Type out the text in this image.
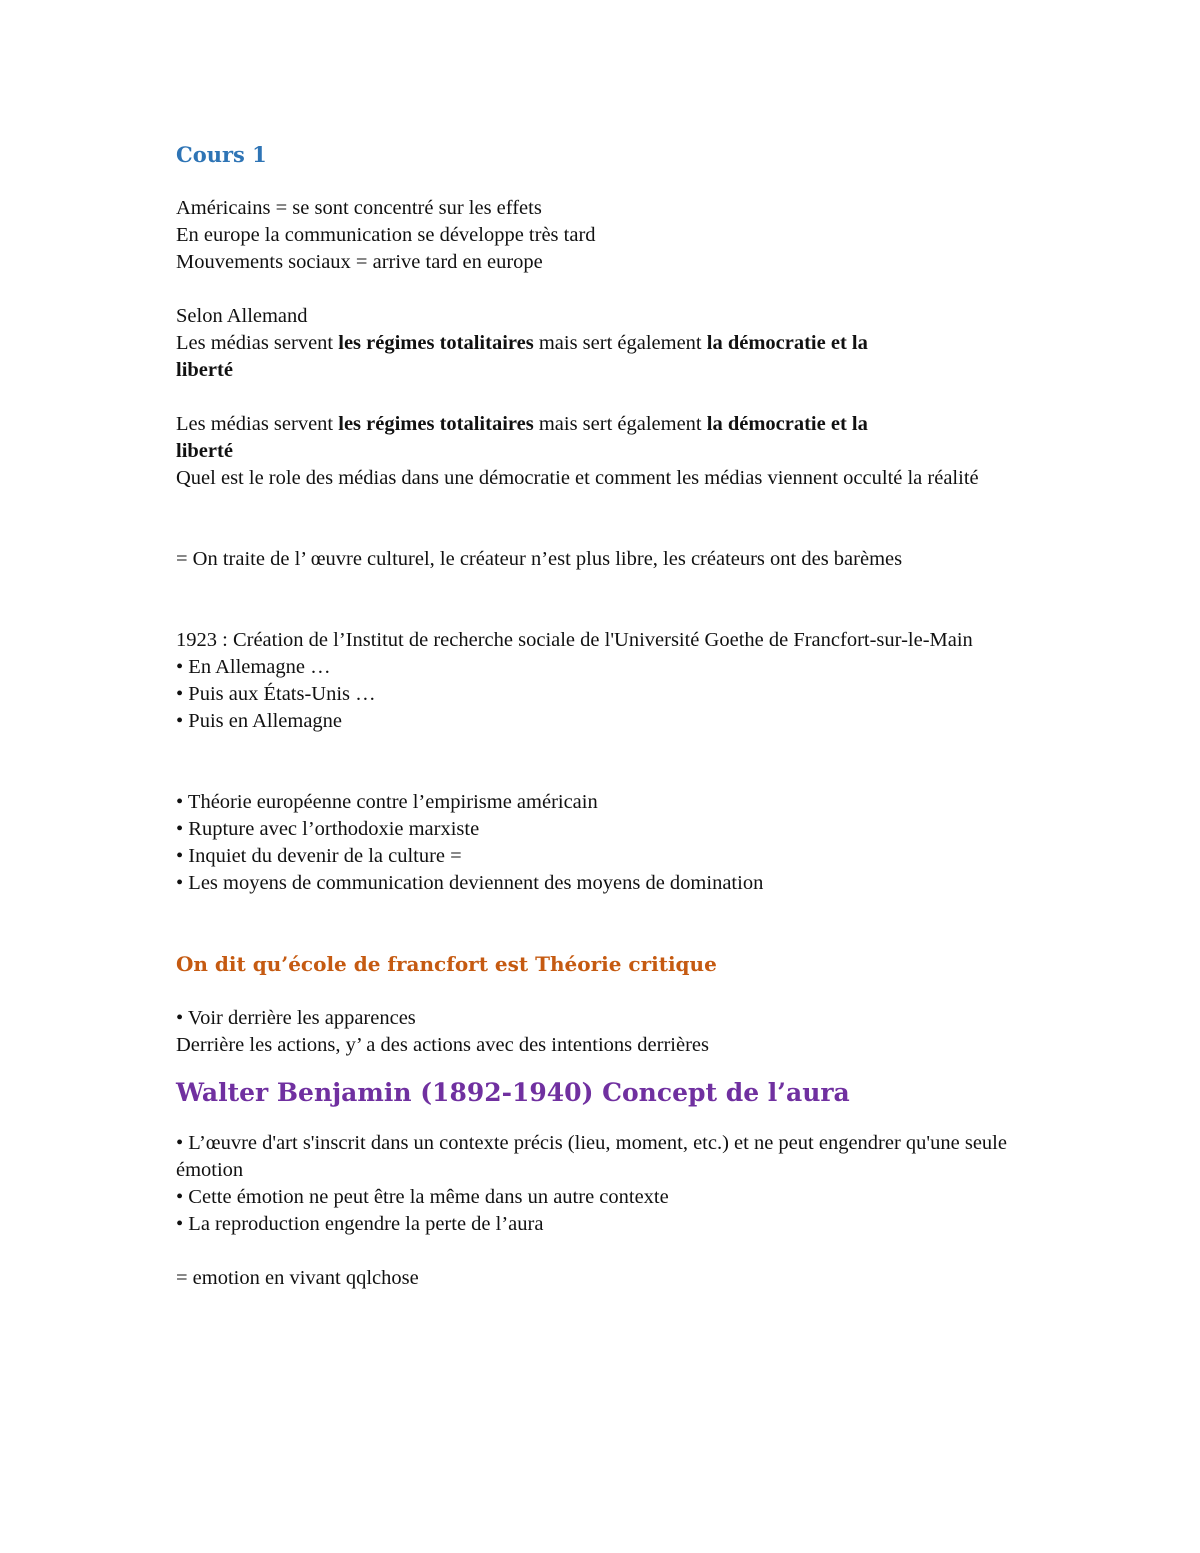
Cours 1
Américains = se sont concentré sur les effets
En europe la communication se développe très tard
Mouvements sociaux = arrive tard en europe
Selon Allemand
Les médias servent les régimes totalitaires mais sert également la démocratie et la
liberté
Les médias servent les régimes totalitaires mais sert également la démocratie et la
liberté
Quel est le role des médias dans une démocratie et comment les médias viennent occulté la réalité
= On traite de l’ œuvre culturel, le créateur n’est plus libre, les créateurs ont des barèmes
1923 : Création de l’Institut de recherche sociale de l'Université Goethe de Francfort-sur-le-Main
• En Allemagne …
• Puis aux États-Unis …
• Puis en Allemagne
• Théorie européenne contre l’empirisme américain
• Rupture avec l’orthodoxie marxiste
• Inquiet du devenir de la culture =
• Les moyens de communication deviennent des moyens de domination
On dit qu’école de francfort est Théorie critique
• Voir derrière les apparences
Derrière les actions, y’ a des actions avec des intentions derrières
Walter Benjamin (1892-1940) Concept de l’aura
• L’œuvre d'art s'inscrit dans un contexte précis (lieu, moment, etc.) et ne peut engendrer qu'une seule émotion
• Cette émotion ne peut être la même dans un autre contexte
• La reproduction engendre la perte de l’aura
= emotion en vivant qqlchose
